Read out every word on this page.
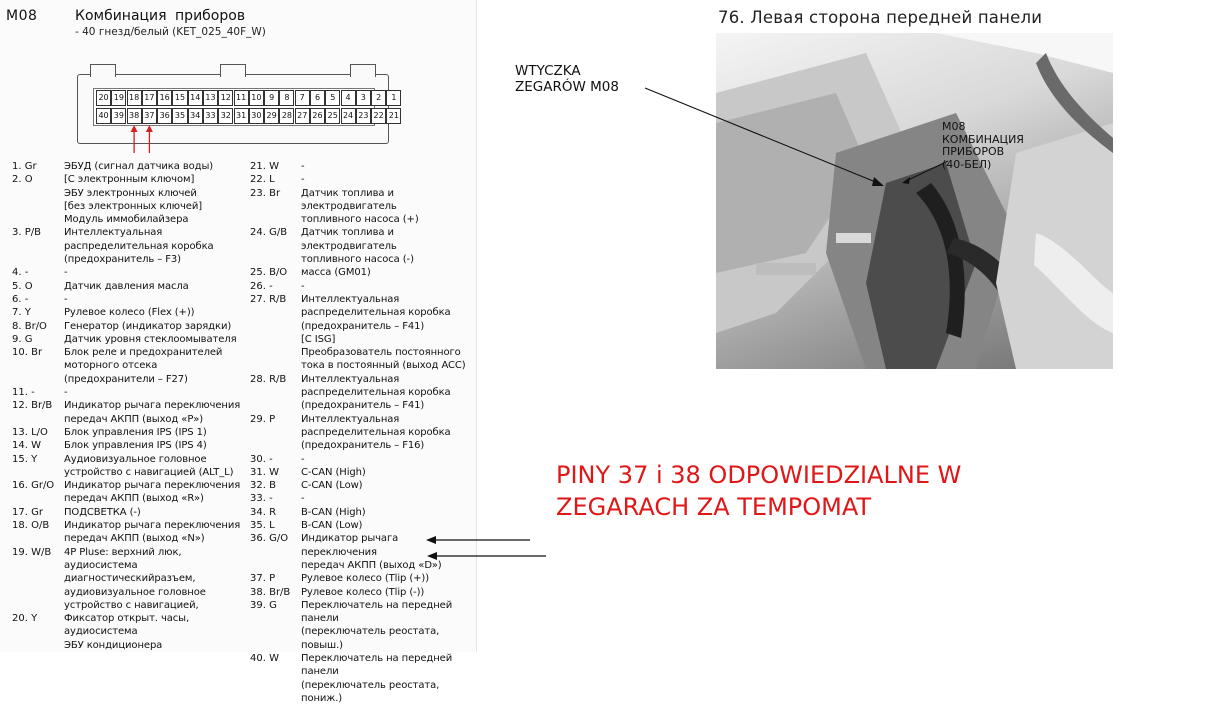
M08	Комбинация приборов
- 40 гнезд/белый (KET_025_40F_W)
20 19 18 17 16 15 14 13 12 11 10 9	8	7	6	5	4	3	2	1
40 39 38 37 36 35 34 33 32 31 30 29 28 27 26 25 24 23 22 21
1. Gr	ЭБУД (сигнал датчика воды)
2. O	[С электронным ключом]
ЭБУ электронных ключей
[без электронных ключей]
Модуль иммобилайзера
3. P/B	Интеллектуальная
распределительная коробка
(предохранитель – F3)
4. -	-
5. O	Датчик давления масла
6. -	-
7. Y	Рулевое колесо (Flex (+))
8. Br/O	Генератор (индикатор зарядки)
9. G	Датчик уровня стеклоомывателя
10. Br	Блок реле и предохранителей
моторного отсека
(предохранители – F27)
11. -	-
12. Br/B	Индикатор рычага переключения
передач АКПП (выход «P»)
13. L/O	Блок управления IPS (IPS 1)
14. W	Блок управления IPS (IPS 4)
15. Y	Аудиовизуальное головное
устройство с навигацией (ALT_L)
16. Gr/O Индикатор рычага переключения
передач АКПП (выход «R»)
17. Gr	ПОДСВЕТКА (-)
18. O/B	Индикатор рычага переключения
передач АКПП (выход «N»)
19. W/B	4P Pluse: верхний люк, аудиосистема
диагностическийразъем,
аудиовизуальное головное
устройство с навигацией,
20. Y	Фиксатор открыт. часы, аудиосистема
ЭБУ кондиционера
21. W	-
22. L	-
23. Br	Датчик топлива и электродвигатель
топливного насоса (+)
24. G/B	Датчик топлива и электродвигатель
топливного насоса (-)
25. B/O	масса (GM01)
26. -	-
27. R/B	Интеллектуальная
распределительная коробка
(предохранитель – F41)
[С ISG]
Преобразователь постоянного
тока в постоянный (выход ACC)
28. R/B	Интеллектуальная
распределительная коробка
(предохранитель – F41)
29. P	Интеллектуальная
распределительная коробка
(предохранитель – F16)
30. -	-
31. W	C-CAN (High)
32. B	C-CAN (Low)
33. -	-
34. R	B-CAN (High)
35. L	B-CAN (Low)
36. G/O	Индикатор рычага переключения
передач АКПП (выход «D»)
37. P	Рулевое колесо (Tlip (+))
38. Br/B	Рулевое колесо (Tlip (-))
39. G	Переключатель на передней панели
(переключатель реостата, повыш.)
40. W	Переключатель на передней панели
(переключатель реостата, пониж.)
76. Левая сторона передней панели
M08
КОМБИНАЦИЯ
ПРИБОРОВ
(40-БЕЛ)
WTYCZKA
ZEGARÓW M08
PINY 37 i 38 ODPOWIEDZIALNE W ZEGARACH ZA TEMPOMAT
